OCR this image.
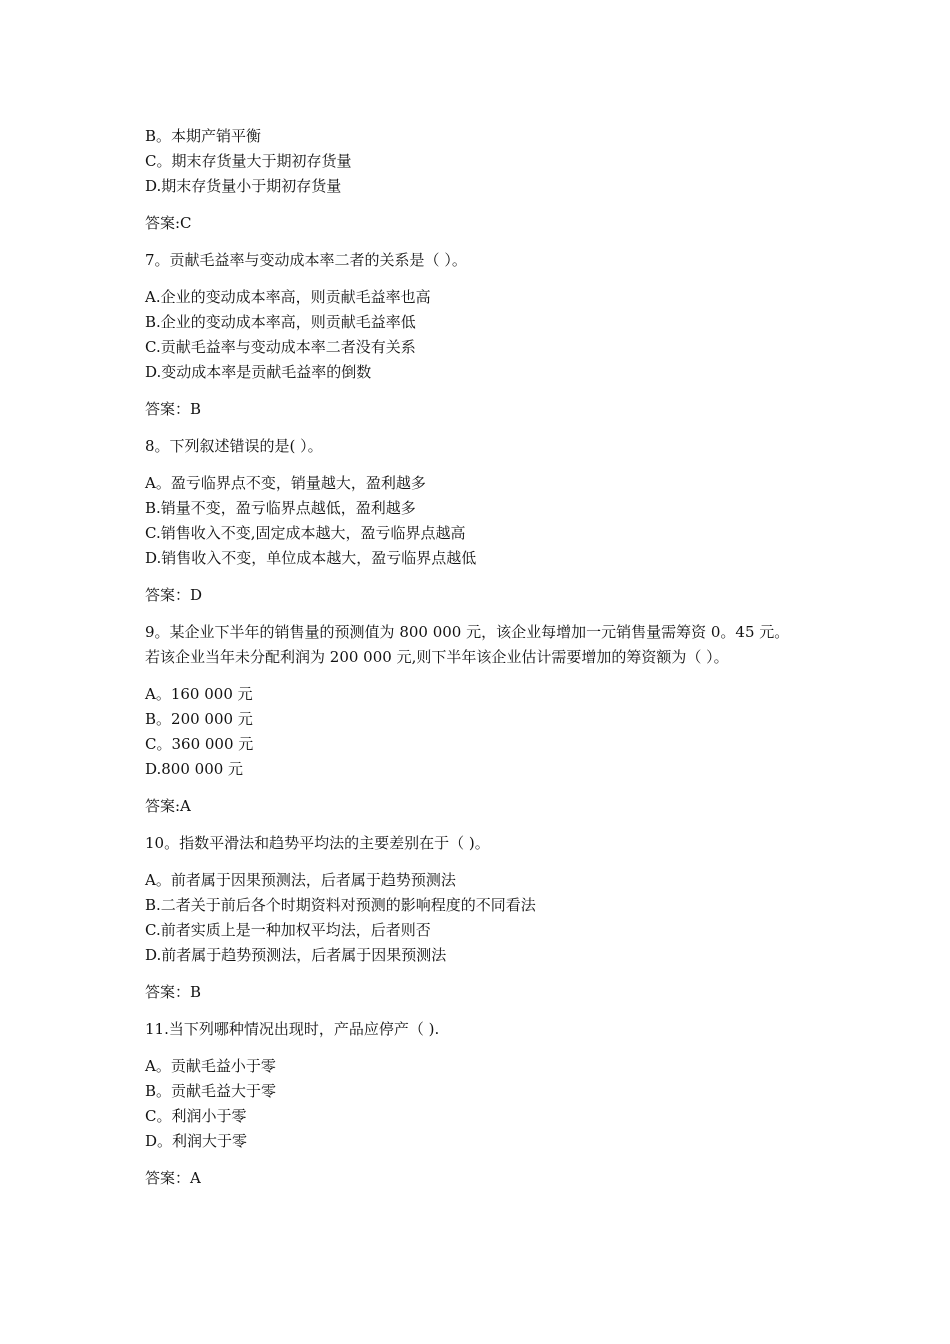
B。本期产销平衡
C。期末存货量大于期初存货量
D.期末存货量小于期初存货量
答案:C
7。贡献毛益率与变动成本率二者的关系是（ ）。
A.企业的变动成本率高，则贡献毛益率也高
B.企业的变动成本率高，则贡献毛益率低
C.贡献毛益率与变动成本率二者没有关系
D.变动成本率是贡献毛益率的倒数
答案：B
8。下列叙述错误的是( ）。
A。盈亏临界点不变，销量越大，盈利越多
B.销量不变，盈亏临界点越低，盈利越多
C.销售收入不变,固定成本越大，盈亏临界点越高
D.销售收入不变，单位成本越大，盈亏临界点越低
答案：D
9。某企业下半年的销售量的预测值为 800 000 元，该企业每增加一元销售量需筹资 0。45 元。
若该企业当年未分配利润为 200 000 元,则下半年该企业估计需要增加的筹资额为（ ）。
A。160 000 元
B。200 000 元
C。360 000 元
D.800 000 元
答案:A
10。指数平滑法和趋势平均法的主要差别在于（ )。
A。前者属于因果预测法，后者属于趋势预测法
B.二者关于前后各个时期资料对预测的影响程度的不同看法
C.前者实质上是一种加权平均法，后者则否
D.前者属于趋势预测法，后者属于因果预测法
答案：B
11.当下列哪种情况出现时，产品应停产（ ).
A。贡献毛益小于零
B。贡献毛益大于零
C。利润小于零
D。利润大于零
答案：A
